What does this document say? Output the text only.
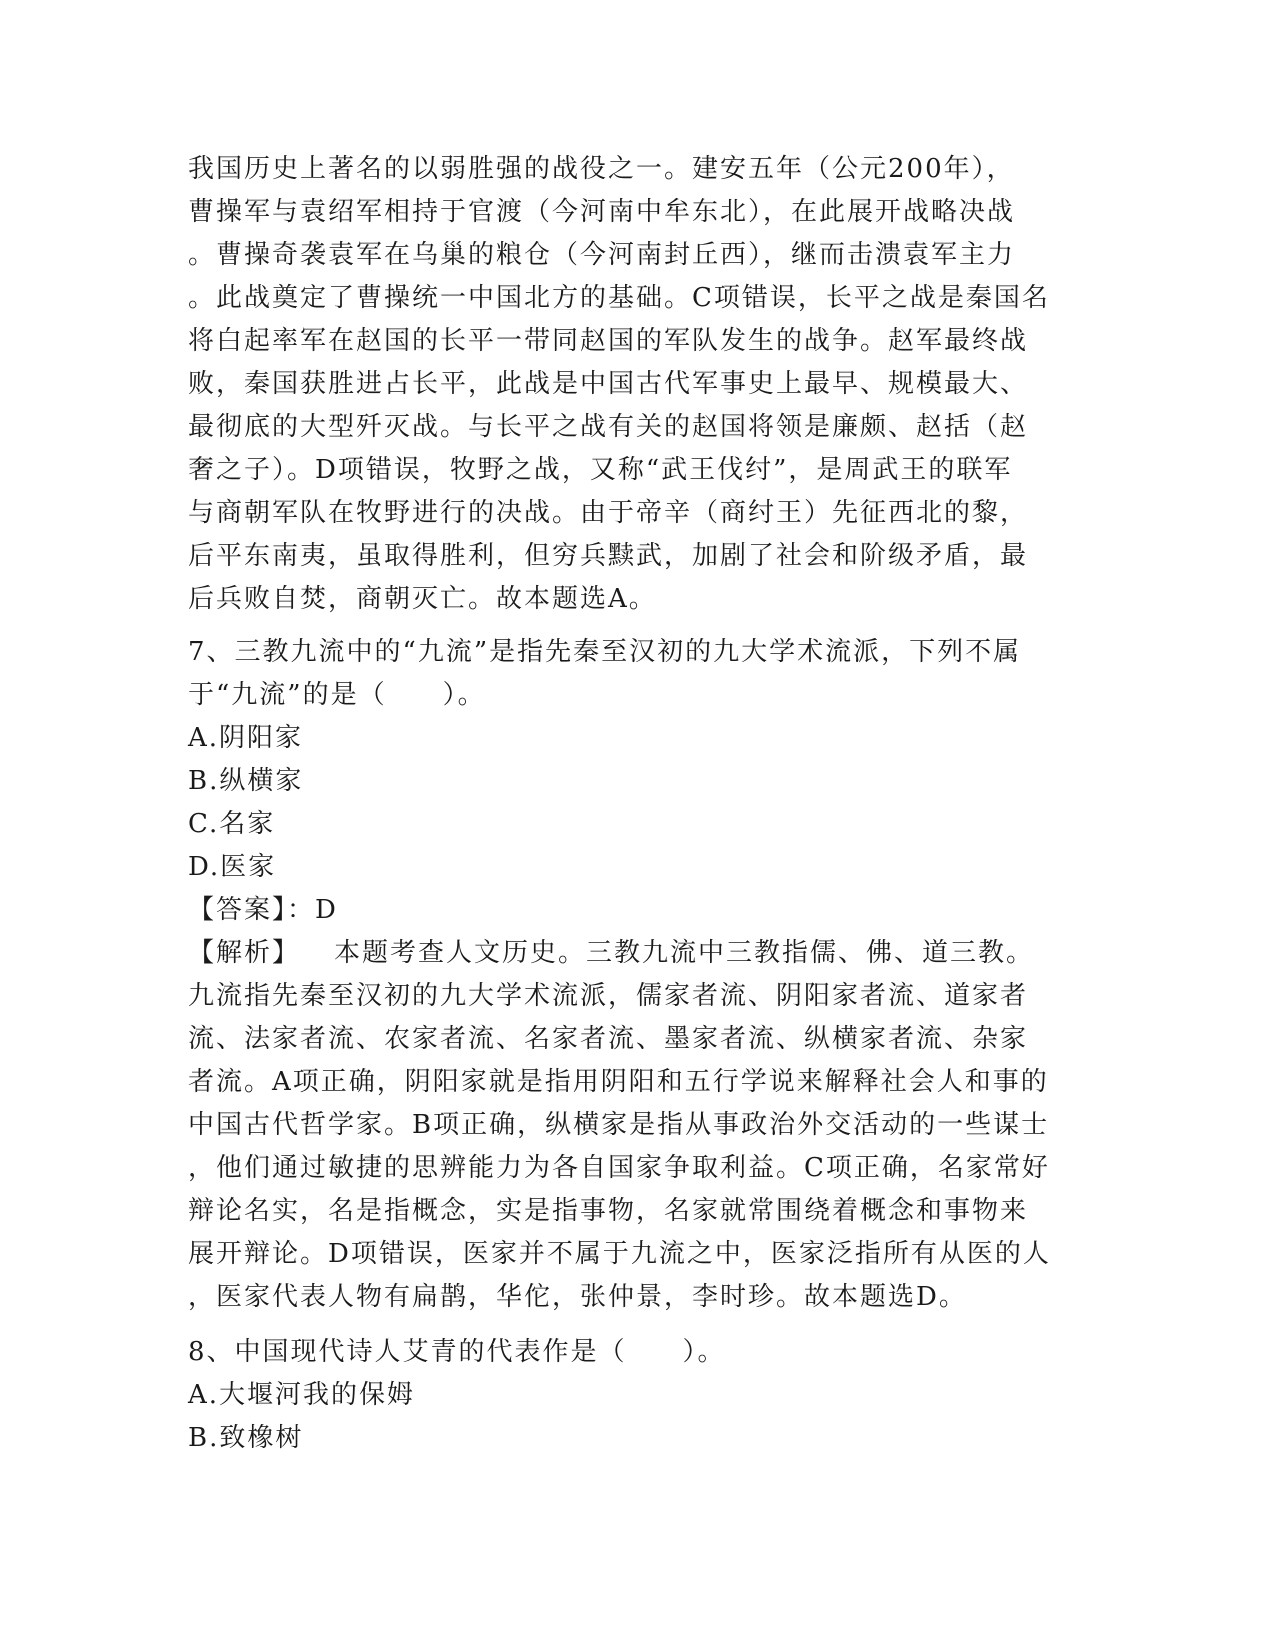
我国历史上著名的以弱胜强的战役之一。建安五年（公元200年），
曹操军与袁绍军相持于官渡（今河南中牟东北），在此展开战略决战
。曹操奇袭袁军在乌巢的粮仓（今河南封丘西），继而击溃袁军主力
。此战奠定了曹操统一中国北方的基础。C项错误，长平之战是秦国名
将白起率军在赵国的长平一带同赵国的军队发生的战争。赵军最终战
败，秦国获胜进占长平，此战是中国古代军事史上最早、规模最大、
最彻底的大型歼灭战。与长平之战有关的赵国将领是廉颇、赵括（赵
奢之子）。D项错误，牧野之战，又称“武王伐纣”，是周武王的联军
与商朝军队在牧野进行的决战。由于帝辛（商纣王）先征西北的黎，
后平东南夷，虽取得胜利，但穷兵黩武，加剧了社会和阶级矛盾，最
后兵败自焚，商朝灭亡。故本题选A。
7、三教九流中的“九流”是指先秦至汉初的九大学术流派，下列不属
于“九流”的是（　　）。
A.阴阳家
B.纵横家
C.名家
D.医家
【答案】：D
【解析】 本题考查人文历史。三教九流中三教指儒、佛、道三教。
九流指先秦至汉初的九大学术流派，儒家者流、阴阳家者流、道家者
流、法家者流、农家者流、名家者流、墨家者流、纵横家者流、杂家
者流。A项正确，阴阳家就是指用阴阳和五行学说来解释社会人和事的
中国古代哲学家。B项正确，纵横家是指从事政治外交活动的一些谋士
，他们通过敏捷的思辨能力为各自国家争取利益。C项正确，名家常好
辩论名实，名是指概念，实是指事物，名家就常围绕着概念和事物来
展开辩论。D项错误，医家并不属于九流之中，医家泛指所有从医的人
，医家代表人物有扁鹊，华佗，张仲景，李时珍。故本题选D。
8、中国现代诗人艾青的代表作是（　　）。
A.大堰河我的保姆
B.致橡树
